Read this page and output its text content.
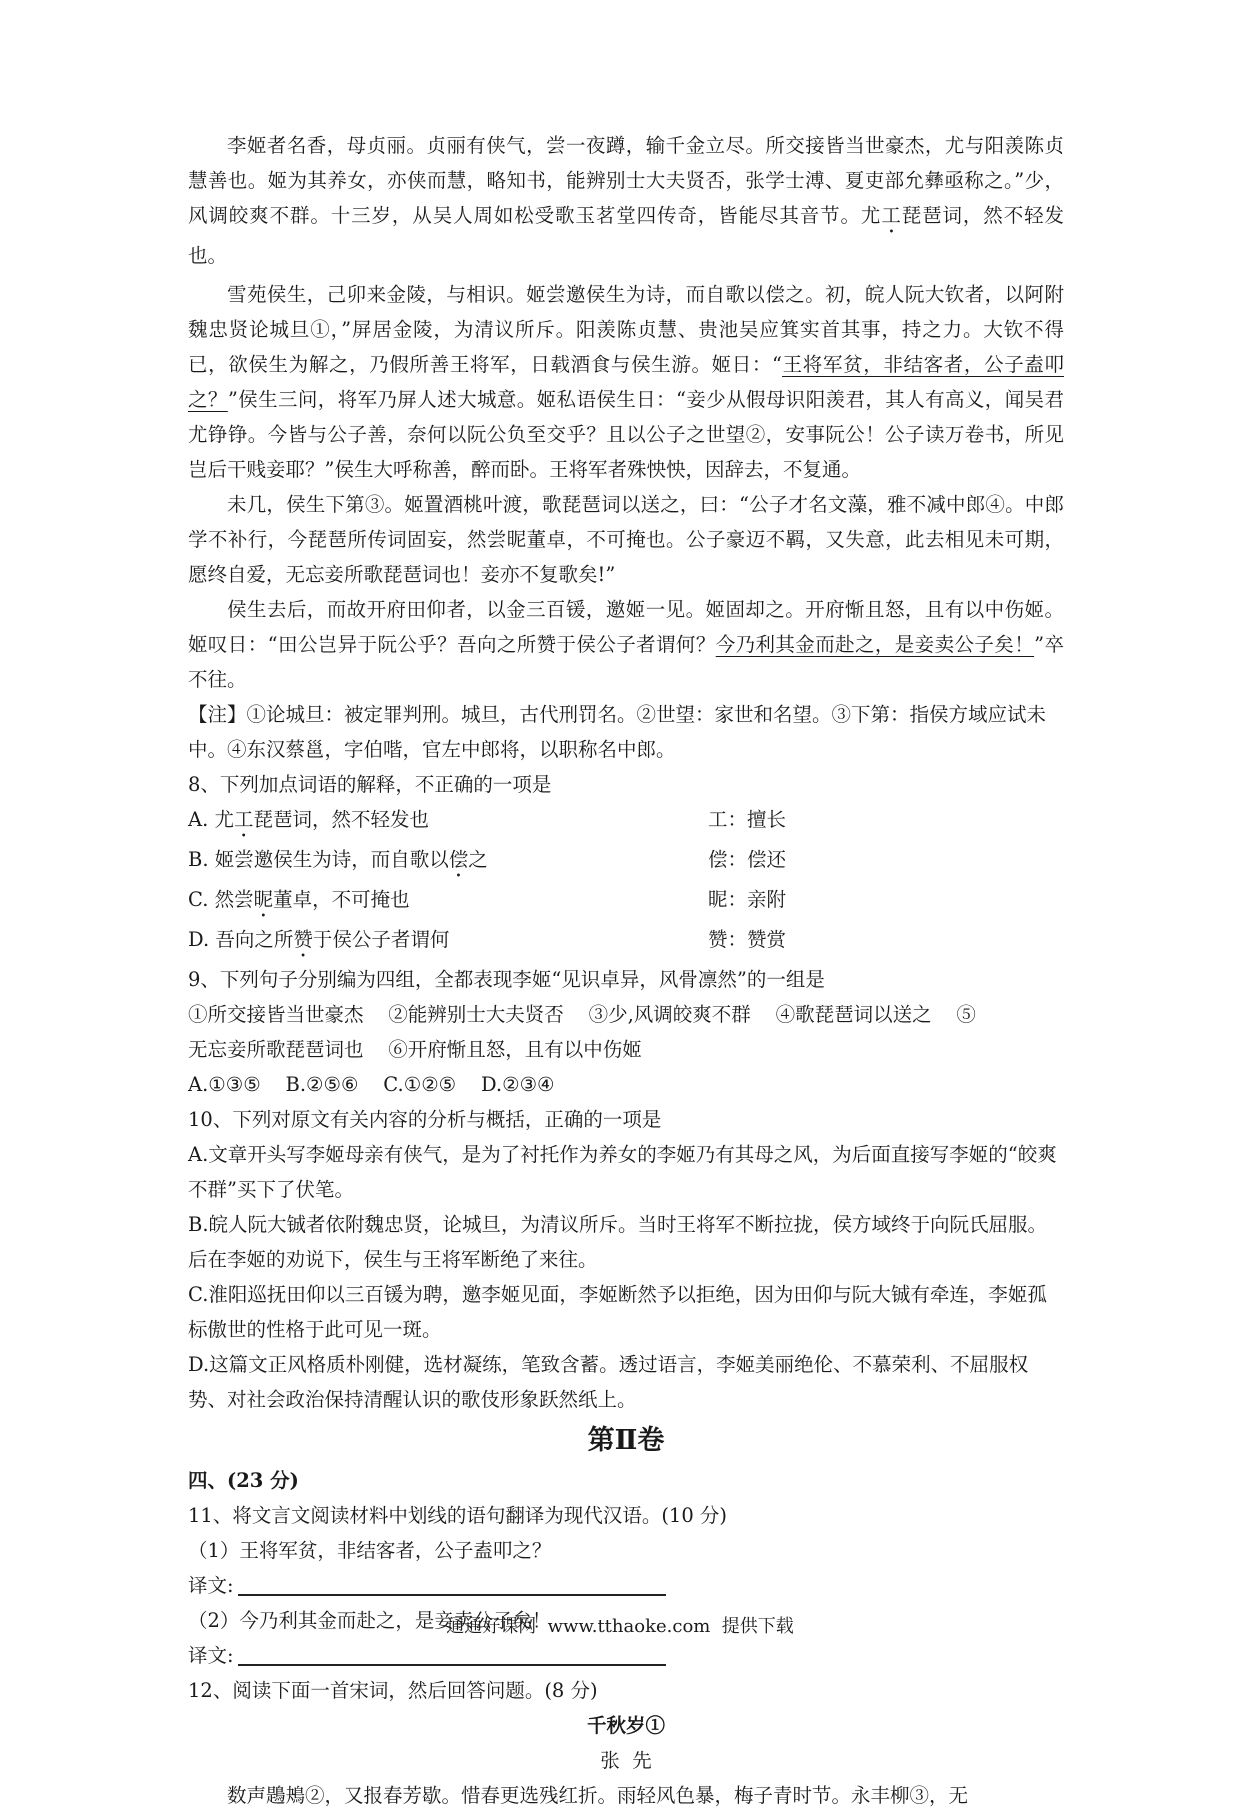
李姬者名香，母贞丽。贞丽有侠气，尝一夜蹲，输千金立尽。所交接皆当世豪杰，尤与阳羡陈贞慧善也。姬为其养女，亦侠而慧，略知书，能辨别士大夫贤否，张学士溥、夏吏部允彝亟称之。”少，风调皎爽不群。十三岁，从吴人周如松受歌玉茗堂四传奇，皆能尽其音节。尤工琵琶词，然不轻发也。

雪苑侯生，己卯来金陵，与相识。姬尝邀侯生为诗，而自歌以偿之。初，皖人阮大钦者，以阿附魏忠贤论城旦①，”屏居金陵，为清议所斥。阳羡陈贞慧、贵池吴应箕实首其事，持之力。大钦不得已，欲侯生为解之，乃假所善王将军，日载酒食与侯生游。姬日：“王将军贫，非结客者，公子盍叩之？”侯生三问，将军乃屏人述大城意。姬私语侯生日：“妾少从假母识阳羡君，其人有高义，闻吴君尤铮铮。今皆与公子善，奈何以阮公负至交乎？且以公子之世望②，安事阮公！公子读万卷书，所见岂后干贱妾耶？”侯生大呼称善，醉而卧。王将军者殊怏怏，因辞去，不复通。

未几，侯生下第③。姬置酒桃叶渡，歌琵琶词以送之，曰：“公子才名文藻，雅不减中郎④。中郎学不补行，今琵琶所传词固妄，然尝昵董卓，不可掩也。公子豪迈不羁，又失意，此去相见未可期，愿终自爱，无忘妾所歌琵琶词也！妾亦不复歌矣!”

侯生去后，而故开府田仰者，以金三百锾，邀姬一见。姬固却之。开府惭且怒，且有以中伤姬。姬叹日：“田公岂异于阮公乎？吾向之所赞于侯公子者谓何？今乃利其金而赴之，是妾卖公子矣！”卒不往。

【注】①论城旦：被定罪判刑。城旦，古代刑罚名。②世望：家世和名望。③下第：指侯方域应试未中。④东汉蔡邕，字伯喈，官左中郎将，以职称名中郎。

8、下列加点词语的解释，不正确的一项是

A. 尤工琵琶词，然不轻发也	工：擅长
B. 姬尝邀侯生为诗，而自歌以偿之	偿：偿还
C. 然尝昵董卓，不可掩也	昵：亲附
D. 吾向之所赞于侯公子者谓何	赞：赞赏

9、下列句子分别编为四组，全都表现李姬“见识卓异，风骨凛然”的一组是

①所交接皆当世豪杰    ②能辨别士大夫贤否    ③少,风调皎爽不群    ④歌琵琶词以送之    ⑤

无忘妾所歌琵琶词也    ⑥开府惭且怒，且有以中伤姬

A.①③⑤    B.②⑤⑥    C.①②⑤    D.②③④

10、下列对原文有关内容的分析与概括，正确的一项是

A.文章开头写李姬母亲有侠气，是为了衬托作为养女的李姬乃有其母之风，为后面直接写李姬的“皎爽不群”买下了伏笔。

B.皖人阮大铖者依附魏忠贤，论城旦，为清议所斥。当时王将军不断拉拢，侯方域终于向阮氏屈服。后在李姬的劝说下，侯生与王将军断绝了来往。

C.淮阳巡抚田仰以三百锾为聘，邀李姬见面，李姬断然予以拒绝，因为田仰与阮大铖有牵连，李姬孤标傲世的性格于此可见一斑。

D.这篇文正风格质朴刚健，选材凝练，笔致含蓄。透过语言，李姬美丽绝伦、不慕荣利、不屈服权势、对社会政治保持清醒认识的歌伎形象跃然纸上。

第Ⅱ卷

四、(23 分)

11、将文言文阅读材料中划线的语句翻译为现代汉语。(10 分)

（1）王将军贫，非结客者，公子盍叩之？

译文:

（2）今乃利其金而赴之，是妾卖公子矣！

译文:

12、阅读下面一首宋词，然后回答问题。(8 分)

千秋岁①

张  先

数声鶗鴂②，又报春芳歇。惜春更选残红折。雨轻风色暴，梅子青时节。永丰柳③，无

通通好课网  www.tthaoke.com  提供下载
